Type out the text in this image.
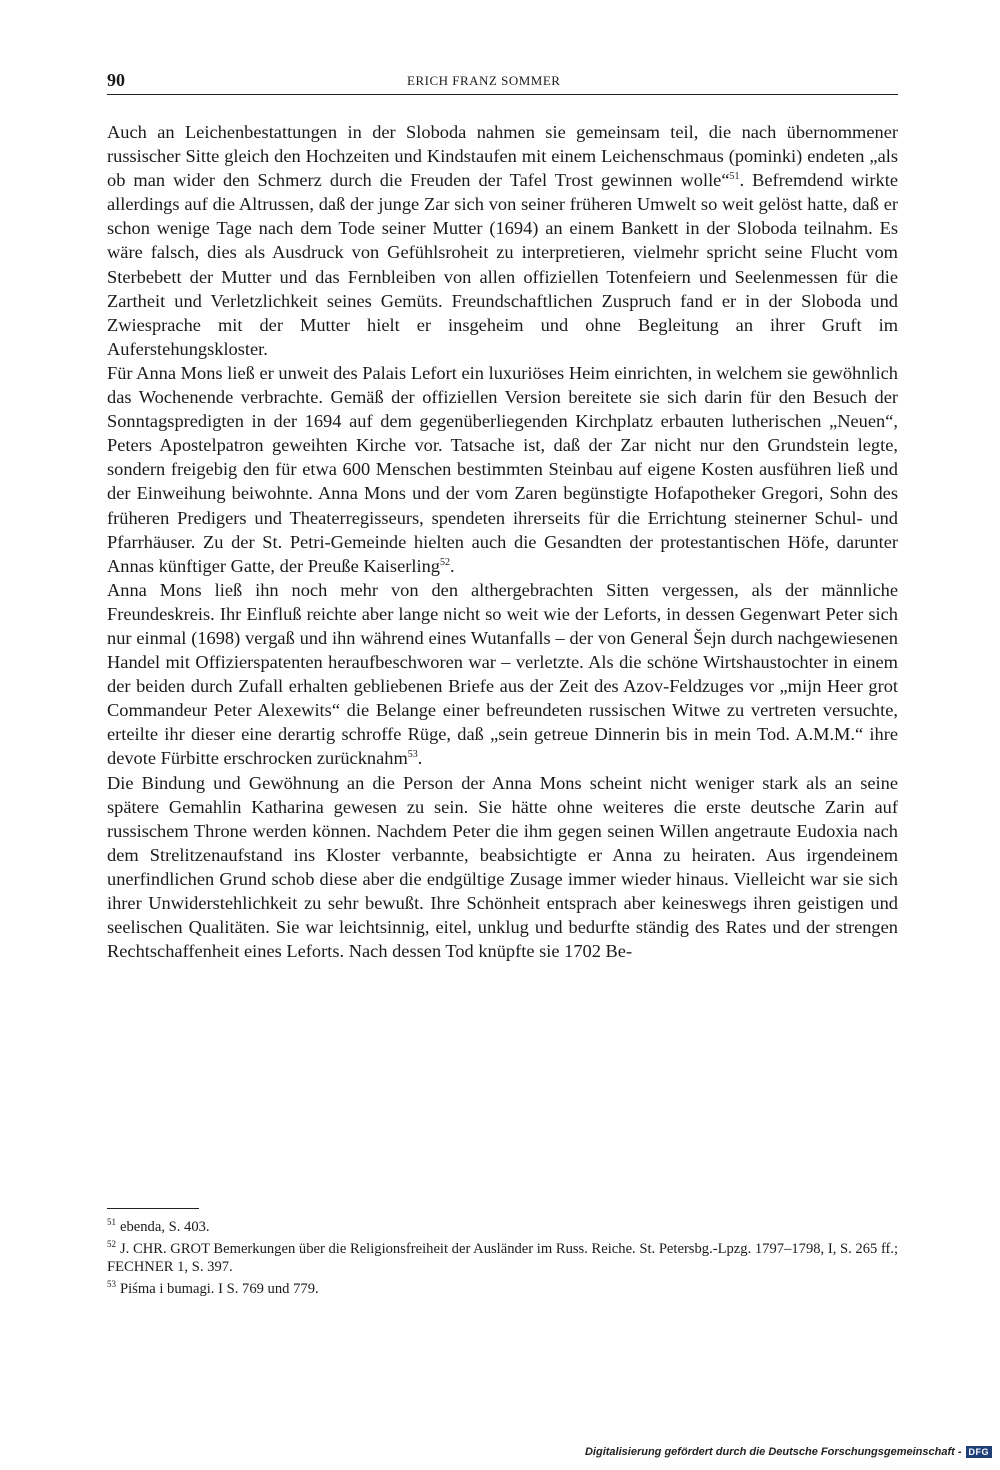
90	ERICH FRANZ SOMMER

Auch an Leichenbestattungen in der Sloboda nahmen sie gemeinsam teil, die nach übernommener russischer Sitte gleich den Hochzeiten und Kindstaufen mit einem Leichenschmaus (pominki) endeten „als ob man wider den Schmerz durch die Freuden der Tafel Trost gewinnen wolle“$^{51}$. Befremdend wirkte allerdings auf die Altrussen, daß der junge Zar sich von seiner früheren Umwelt so weit gelöst hatte, daß er schon wenige Tage nach dem Tode seiner Mutter (1694) an einem Bankett in der Sloboda teilnahm. Es wäre falsch, dies als Ausdruck von Gefühlsroheit zu interpretieren, vielmehr spricht seine Flucht vom Sterbebett der Mutter und das Fernbleiben von allen offiziellen Totenfeiern und Seelenmessen für die Zartheit und Verletzlichkeit seines Gemüts. Freundschaftlichen Zuspruch fand er in der Sloboda und Zwiesprache mit der Mutter hielt er insgeheim und ohne Begleitung an ihrer Gruft im Auferstehungskloster.

Für Anna Mons ließ er unweit des Palais Lefort ein luxuriöses Heim einrichten, in welchem sie gewöhnlich das Wochenende verbrachte. Gemäß der offiziellen Version bereitete sie sich darin für den Besuch der Sonntagspredigten in der 1694 auf dem gegenüberliegenden Kirchplatz erbauten lutherischen „Neuen“, Peters Apostelpatron geweihten Kirche vor. Tatsache ist, daß der Zar nicht nur den Grundstein legte, sondern freigebig den für etwa 600 Menschen bestimmten Steinbau auf eigene Kosten ausführen ließ und der Einweihung beiwohnte. Anna Mons und der vom Zaren begünstigte Hofapotheker Gregori, Sohn des früheren Predigers und Theaterregisseurs, spendeten ihrerseits für die Errichtung steinerner Schul- und Pfarrhäuser. Zu der St. Petri-Gemeinde hielten auch die Gesandten der protestantischen Höfe, darunter Annas künftiger Gatte, der Preuße Kaiserling$^{52}$.

Anna Mons ließ ihn noch mehr von den althergebrachten Sitten vergessen, als der männliche Freundeskreis. Ihr Einfluß reichte aber lange nicht so weit wie der Leforts, in dessen Gegenwart Peter sich nur einmal (1698) vergaß und ihn während eines Wutanfalls – der von General Šejn durch nachgewiesenen Handel mit Offizierspatenten heraufbeschworen war – verletzte. Als die schöne Wirtshaustochter in einem der beiden durch Zufall erhalten gebliebenen Briefe aus der Zeit des Azov-Feldzuges vor „mijn Heer grot Commandeur Peter Alexewits“ die Belange einer befreundeten russischen Witwe zu vertreten versuchte, erteilte ihr dieser eine derartig schroffe Rüge, daß „sein getreue Dinnerin bis in mein Tod. A.M.M.“ ihre devote Fürbitte erschrocken zurücknahm$^{53}$.

Die Bindung und Gewöhnung an die Person der Anna Mons scheint nicht weniger stark als an seine spätere Gemahlin Katharina gewesen zu sein. Sie hätte ohne weiteres die erste deutsche Zarin auf russischem Throne werden können. Nachdem Peter die ihm gegen seinen Willen angetraute Eudoxia nach dem Strelitzenaufstand ins Kloster verbannte, beabsichtigte er Anna zu heiraten. Aus irgendeinem unerfindlichen Grund schob diese aber die endgültige Zusage immer wieder hinaus. Vielleicht war sie sich ihrer Unwiderstehlichkeit zu sehr bewußt. Ihre Schönheit entsprach aber keineswegs ihren geistigen und seelischen Qualitäten. Sie war leichtsinnig, eitel, unklug und bedurfte ständig des Rates und der strengen Rechtschaffenheit eines Leforts. Nach dessen Tod knüpfte sie 1702 Be-

$^{51}$ ebenda, S. 403.

$^{52}$ J. CHR. GROT Bemerkungen über die Religionsfreiheit der Ausländer im Russ. Reiche. St. Petersbg.-Lpzg. 1797–1798, I, S. 265 ff.; FECHNER 1, S. 397.

$^{53}$ Piśma i bumagi. I S. 769 und 779.

Digitalisierung gefördert durch die Deutsche Forschungsgemeinschaft - DFG
